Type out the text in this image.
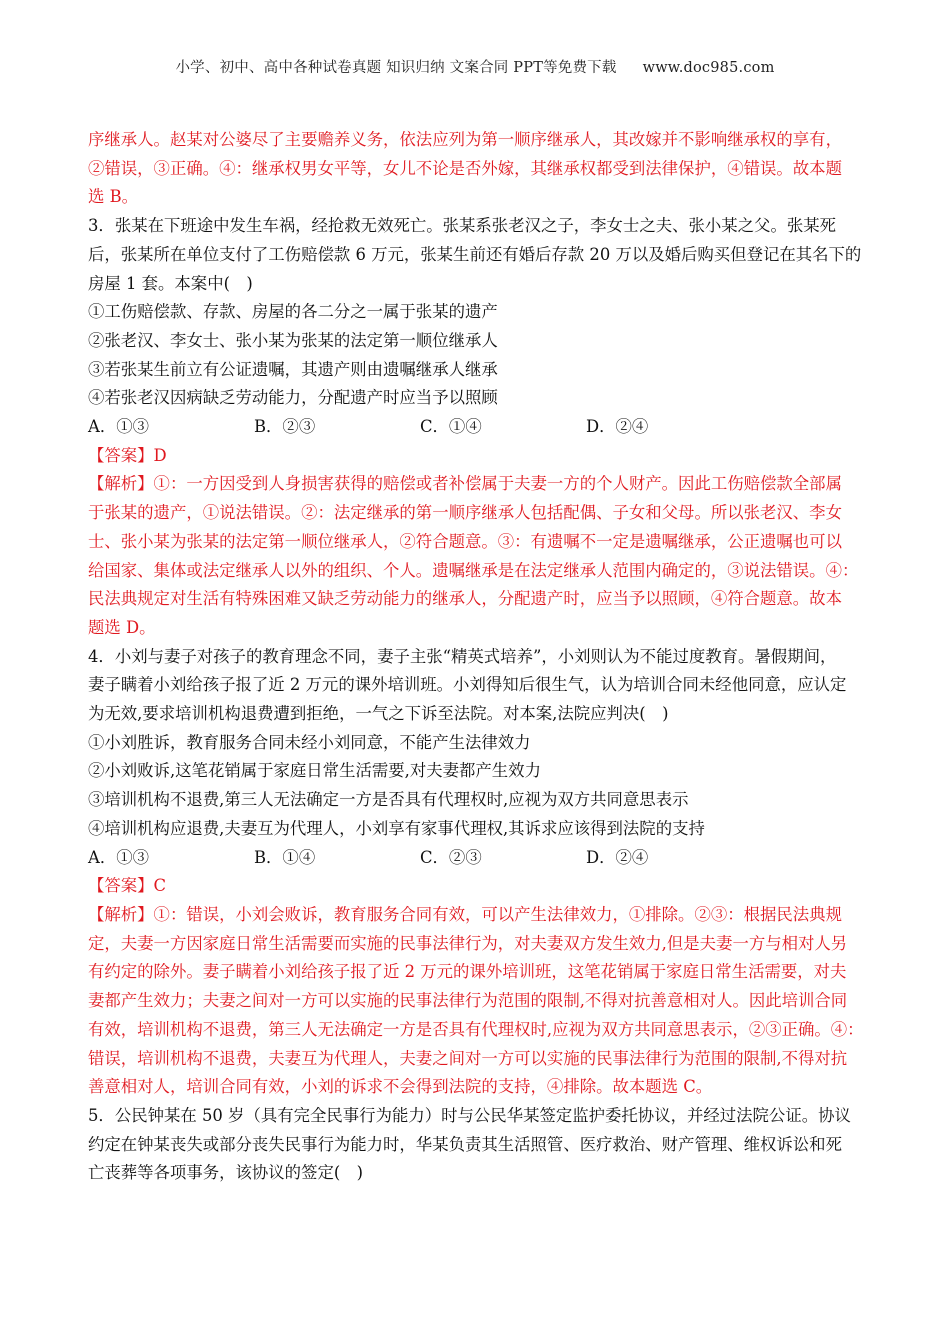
小学、初中、高中各种试卷真题 知识归纳 文案合同 PPT等免费下载 www.doc985.com

序继承人。赵某对公婆尽了主要赡养义务，依法应列为第一顺序继承人，其改嫁并不影响继承权的享有，

②错误，③正确。④：继承权男女平等，女儿不论是否外嫁，其继承权都受到法律保护，④错误。故本题

选 B。

3．张某在下班途中发生车祸，经抢救无效死亡。张某系张老汉之子，李女士之夫、张小某之父。张某死

后，张某所在单位支付了工伤赔偿款 6 万元，张某生前还有婚后存款 20 万以及婚后购买但登记在其名下的

房屋 1 套。本案中(　)

①工伤赔偿款、存款、房屋的各二分之一属于张某的遗产

②张老汉、李女士、张小某为张某的法定第一顺位继承人

③若张某生前立有公证遗嘱，其遗产则由遗嘱继承人继承

④若张老汉因病缺乏劳动能力，分配遗产时应当予以照顾

A．①③	B．②③	C．①④	D．②④

【答案】D

【解析】①：一方因受到人身损害获得的赔偿或者补偿属于夫妻一方的个人财产。因此工伤赔偿款全部属

于张某的遗产，①说法错误。②：法定继承的第一顺序继承人包括配偶、子女和父母。所以张老汉、李女

士、张小某为张某的法定第一顺位继承人，②符合题意。③：有遗嘱不一定是遗嘱继承，公正遗嘱也可以

给国家、集体或法定继承人以外的组织、个人。遗嘱继承是在法定继承人范围内确定的，③说法错误。④：

民法典规定对生活有特殊困难又缺乏劳动能力的继承人，分配遗产时，应当予以照顾，④符合题意。故本

题选 D。

4．小刘与妻子对孩子的教育理念不同，妻子主张“精英式培养”，小刘则认为不能过度教育。暑假期间，

妻子瞒着小刘给孩子报了近 2 万元的课外培训班。小刘得知后很生气，认为培训合同未经他同意，应认定

为无效,要求培训机构退费遭到拒绝，一气之下诉至法院。对本案,法院应判决(　)

①小刘胜诉，教育服务合同未经小刘同意，不能产生法律效力

②小刘败诉,这笔花销属于家庭日常生活需要,对夫妻都产生效力

③培训机构不退费,第三人无法确定一方是否具有代理权时,应视为双方共同意思表示

④培训机构应退费,夫妻互为代理人，小刘享有家事代理权,其诉求应该得到法院的支持

A．①③	B．①④	C．②③	D．②④

【答案】C

【解析】①：错误，小刘会败诉，教育服务合同有效，可以产生法律效力，①排除。②③：根据民法典规

定，夫妻一方因家庭日常生活需要而实施的民事法律行为，对夫妻双方发生效力,但是夫妻一方与相对人另

有约定的除外。妻子瞒着小刘给孩子报了近 2 万元的课外培训班，这笔花销属于家庭日常生活需要，对夫

妻都产生效力；夫妻之间对一方可以实施的民事法律行为范围的限制,不得对抗善意相对人。因此培训合同

有效，培训机构不退费，第三人无法确定一方是否具有代理权时,应视为双方共同意思表示，②③正确。④：

错误，培训机构不退费，夫妻互为代理人，夫妻之间对一方可以实施的民事法律行为范围的限制,不得对抗

善意相对人，培训合同有效，小刘的诉求不会得到法院的支持，④排除。故本题选 C。

5．公民钟某在 50 岁（具有完全民事行为能力）时与公民华某签定监护委托协议，并经过法院公证。协议

约定在钟某丧失或部分丧失民事行为能力时，华某负责其生活照管、医疗救治、财产管理、维权诉讼和死

亡丧葬等各项事务，该协议的签定(　)
